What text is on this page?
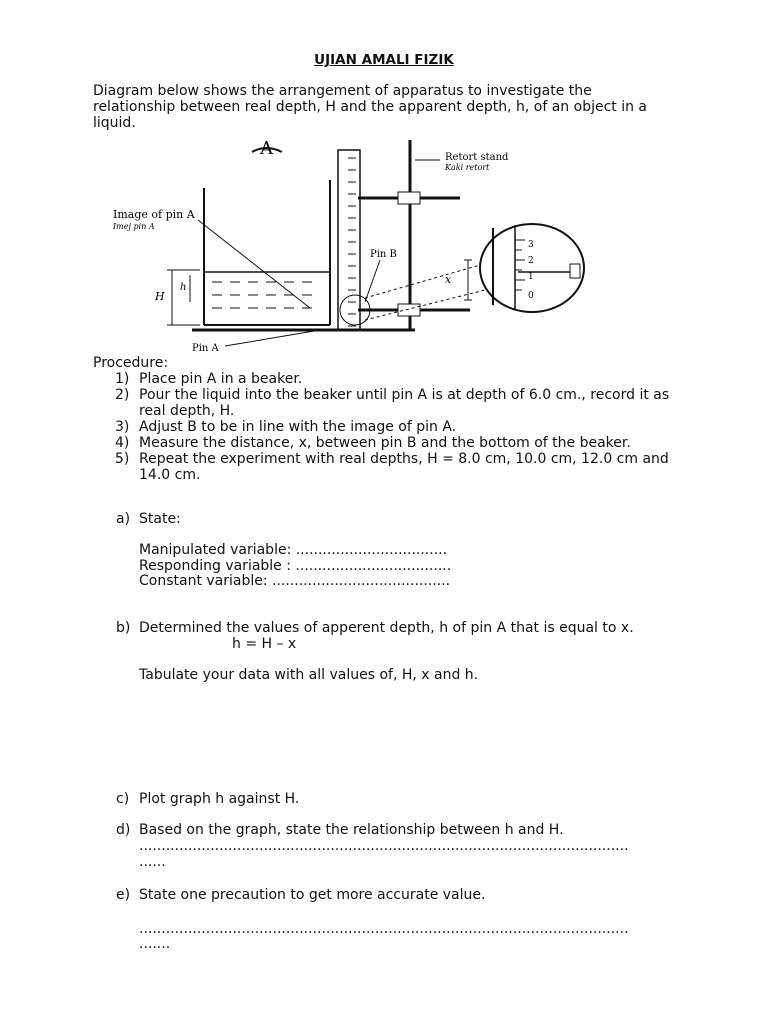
UJIAN AMALI FIZIK
Diagram below shows the arrangement of apparatus to investigate the relationship between real depth, H and the apparent depth, h, of an object in a liquid.
A
Image of pin A
Imej pin A
Retort stand
Kaki retort
Pin B
Pin A
H
h
x
0
1
2
3
Procedure:
1) Place pin A in a beaker.
2) Pour the liquid into the beaker until pin A is at depth of 6.0 cm., record it as real depth, H.
3) Adjust B to be in line with the image of pin A.
4) Measure the distance, x, between pin B and the bottom of the beaker.
5) Repeat the experiment with real depths, H = 8.0 cm, 10.0 cm, 12.0 cm and 14.0 cm.
a) State:
Manipulated variable: ..................................
Responding variable : ...................................
Constant variable: ........................................
b) Determined the values of apperent depth, h of pin A that is equal to x.
h = H – x
Tabulate your data with all values of, H, x and h.
c) Plot graph h against H.
d) Based on the graph, state the relationship between h and H.
..............................................................................................................
......
e) State one precaution to get more accurate value.
..............................................................................................................
.......
